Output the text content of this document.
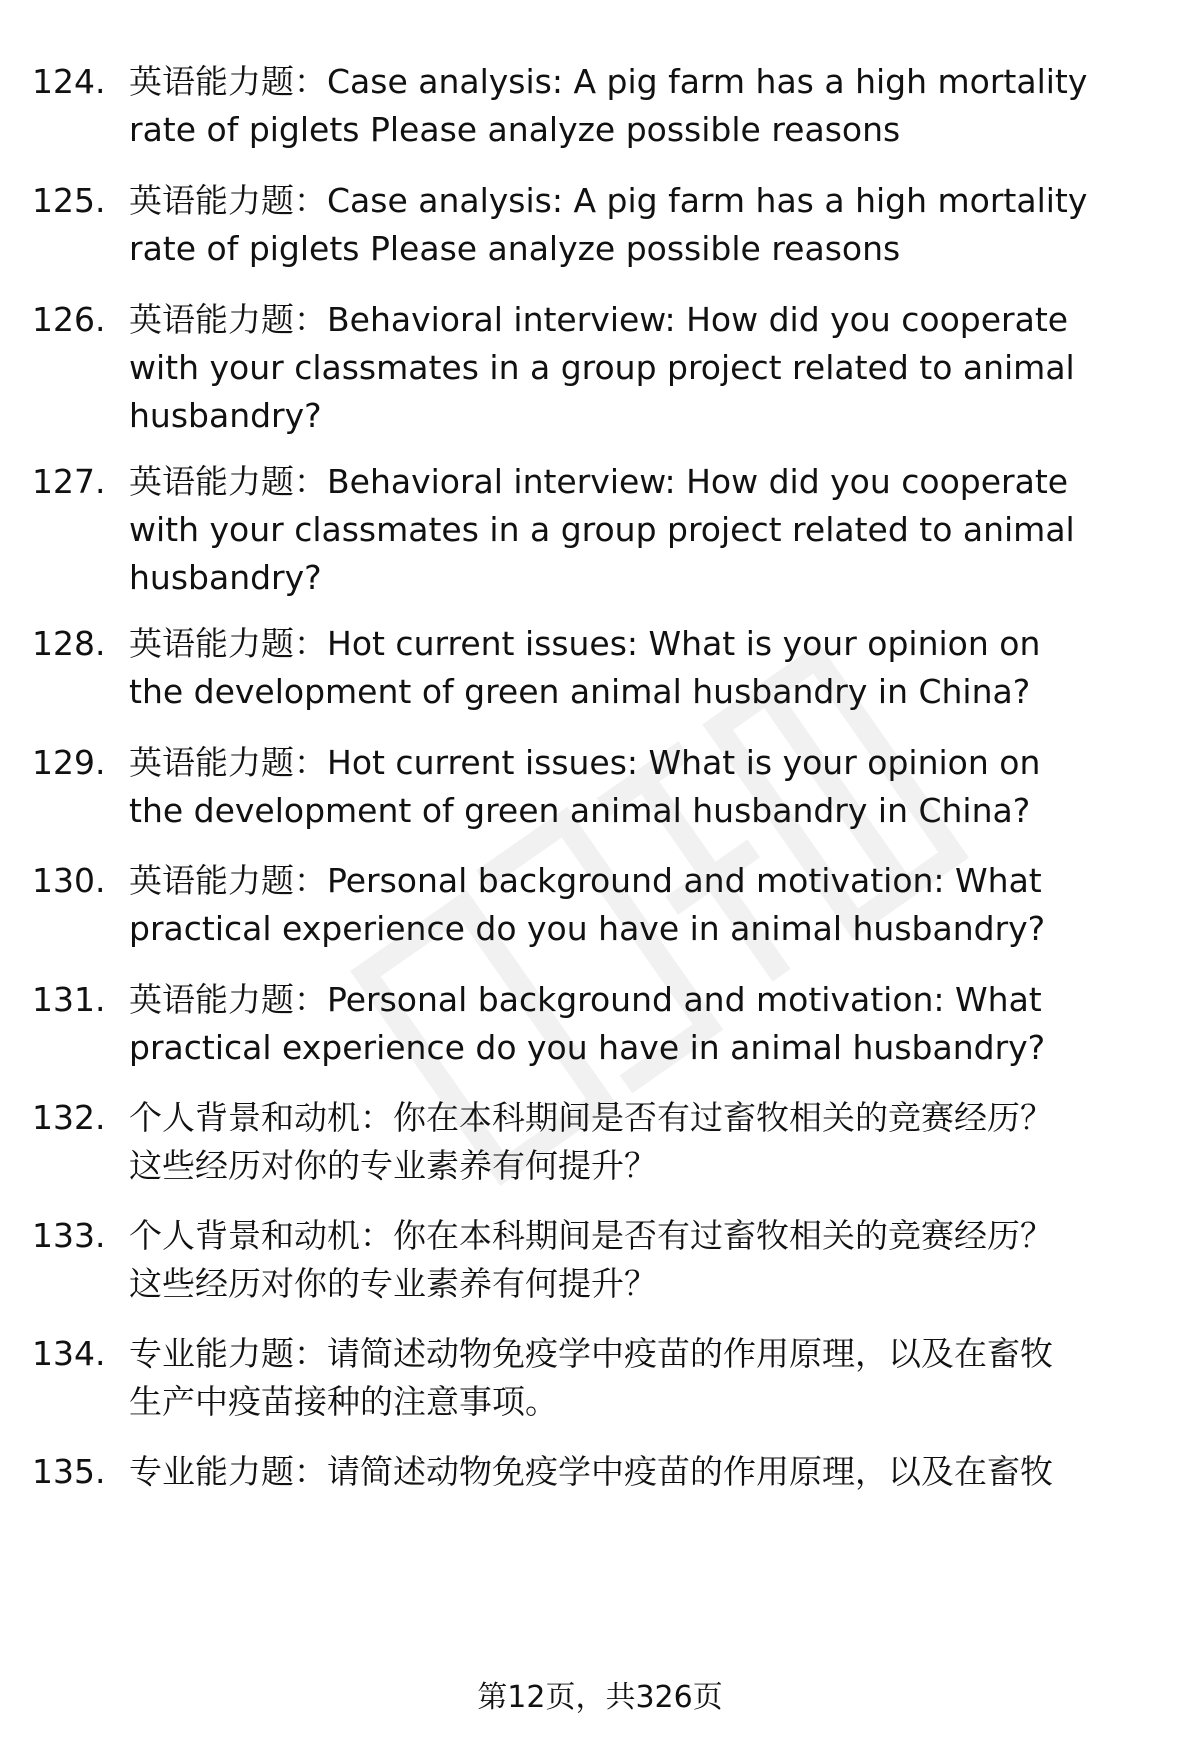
124. 英语能力题：Case analysis: A pig farm has a high mortality
rate of piglets Please analyze possible reasons
125. 英语能力题：Case analysis: A pig farm has a high mortality
rate of piglets Please analyze possible reasons
126. 英语能力题：Behavioral interview: How did you cooperate
with your classmates in a group project related to animal
husbandry?
127. 英语能力题：Behavioral interview: How did you cooperate
with your classmates in a group project related to animal
husbandry?
128. 英语能力题：Hot current issues: What is your opinion on
the development of green animal husbandry in China?
129. 英语能力题：Hot current issues: What is your opinion on
the development of green animal husbandry in China?
130. 英语能力题：Personal background and motivation: What
practical experience do you have in animal husbandry?
131. 英语能力题：Personal background and motivation: What
practical experience do you have in animal husbandry?
132. 个人背景和动机：你在本科期间是否有过畜牧相关的竞赛经历？
这些经历对你的专业素养有何提升？
133. 个人背景和动机：你在本科期间是否有过畜牧相关的竞赛经历？
这些经历对你的专业素养有何提升？
134. 专业能力题：请简述动物免疫学中疫苗的作用原理，以及在畜牧
生产中疫苗接种的注意事项。
135. 专业能力题：请简述动物免疫学中疫苗的作用原理，以及在畜牧
第12页，共326页
